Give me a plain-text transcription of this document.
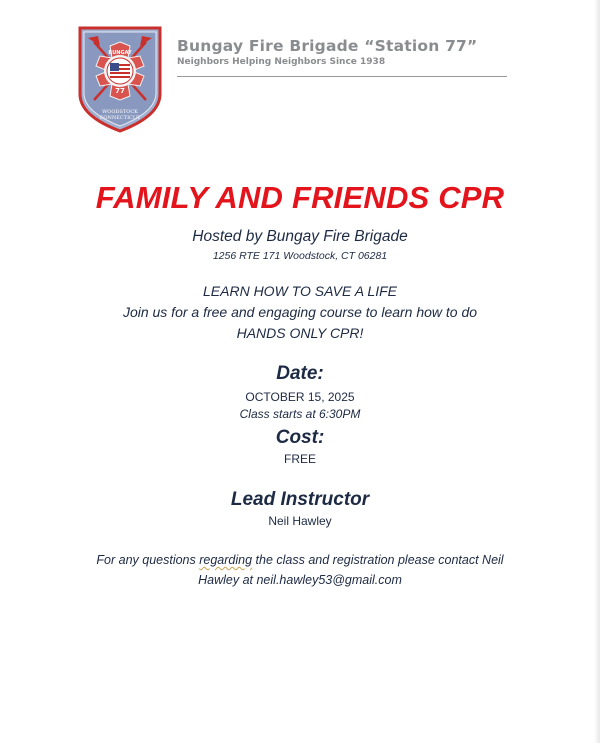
BUNGAY
77
WOODSTOCK
CONNECTICUT
Bungay Fire Brigade “Station 77”
Neighbors Helping Neighbors Since 1938
FAMILY AND FRIENDS CPR
Hosted by Bungay Fire Brigade
1256 RTE 171 Woodstock, CT 06281
LEARN HOW TO SAVE A LIFE
Join us for a free and engaging course to learn how to do
HANDS ONLY CPR!
Date:
OCTOBER 15, 2025
Class starts at 6:30PM
Cost:
FREE
Lead Instructor
Neil Hawley
For any questions regarding the class and registration please contact Neil
Hawley at neil.hawley53@gmail.com
